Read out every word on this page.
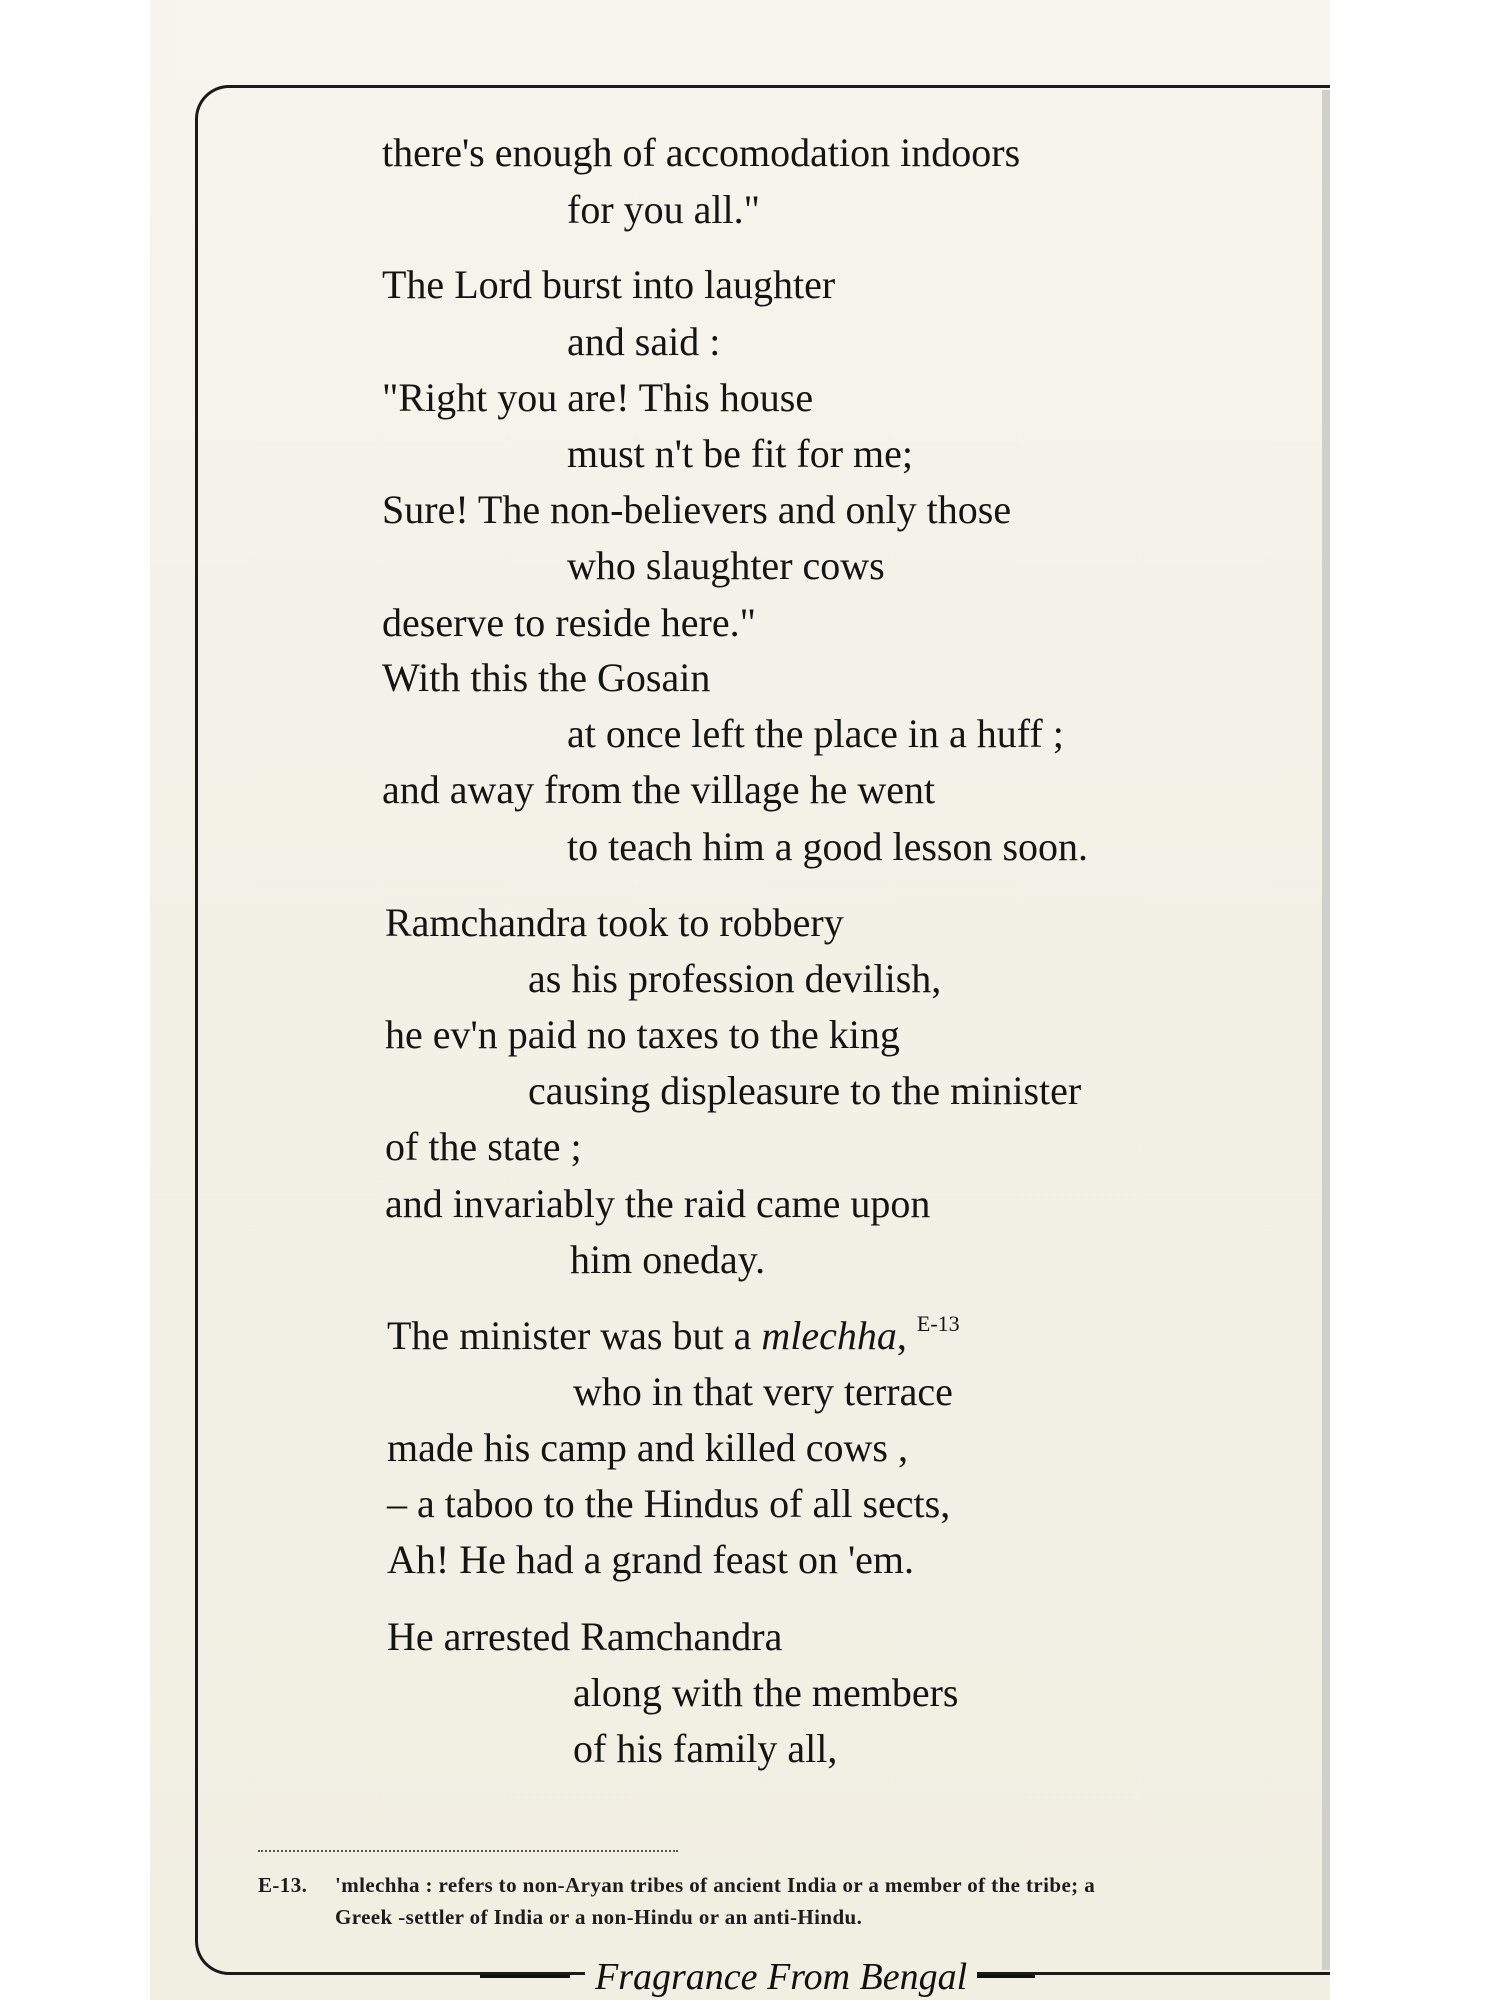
there's enough of accomodation indoors
for you all."
The Lord burst into laughter
and said :
"Right you are! This house
must n't be fit for me;
Sure! The non-believers and only those
who slaughter cows
deserve to reside here."
With this the Gosain
at once left the place in a huff ;
and away from the village he went
to teach him a good lesson soon.
Ramchandra took to robbery
as his profession devilish,
he ev'n paid no taxes to the king
causing displeasure to the minister
of the state ;
and invariably the raid came upon
him oneday.
The minister was but a mlechha, $^{E-13}$
who in that very terrace
made his camp and killed cows ,
– a taboo to the Hindus of all sects,
Ah! He had a grand feast on 'em.
He arrested Ramchandra
along with the members
of his family all,
E-13. 'mlechha : refers to non-Aryan tribes of ancient India or a member of the tribe; a
Greek -settler of India or a non-Hindu or an anti-Hindu.
Fragrance From Bengal
